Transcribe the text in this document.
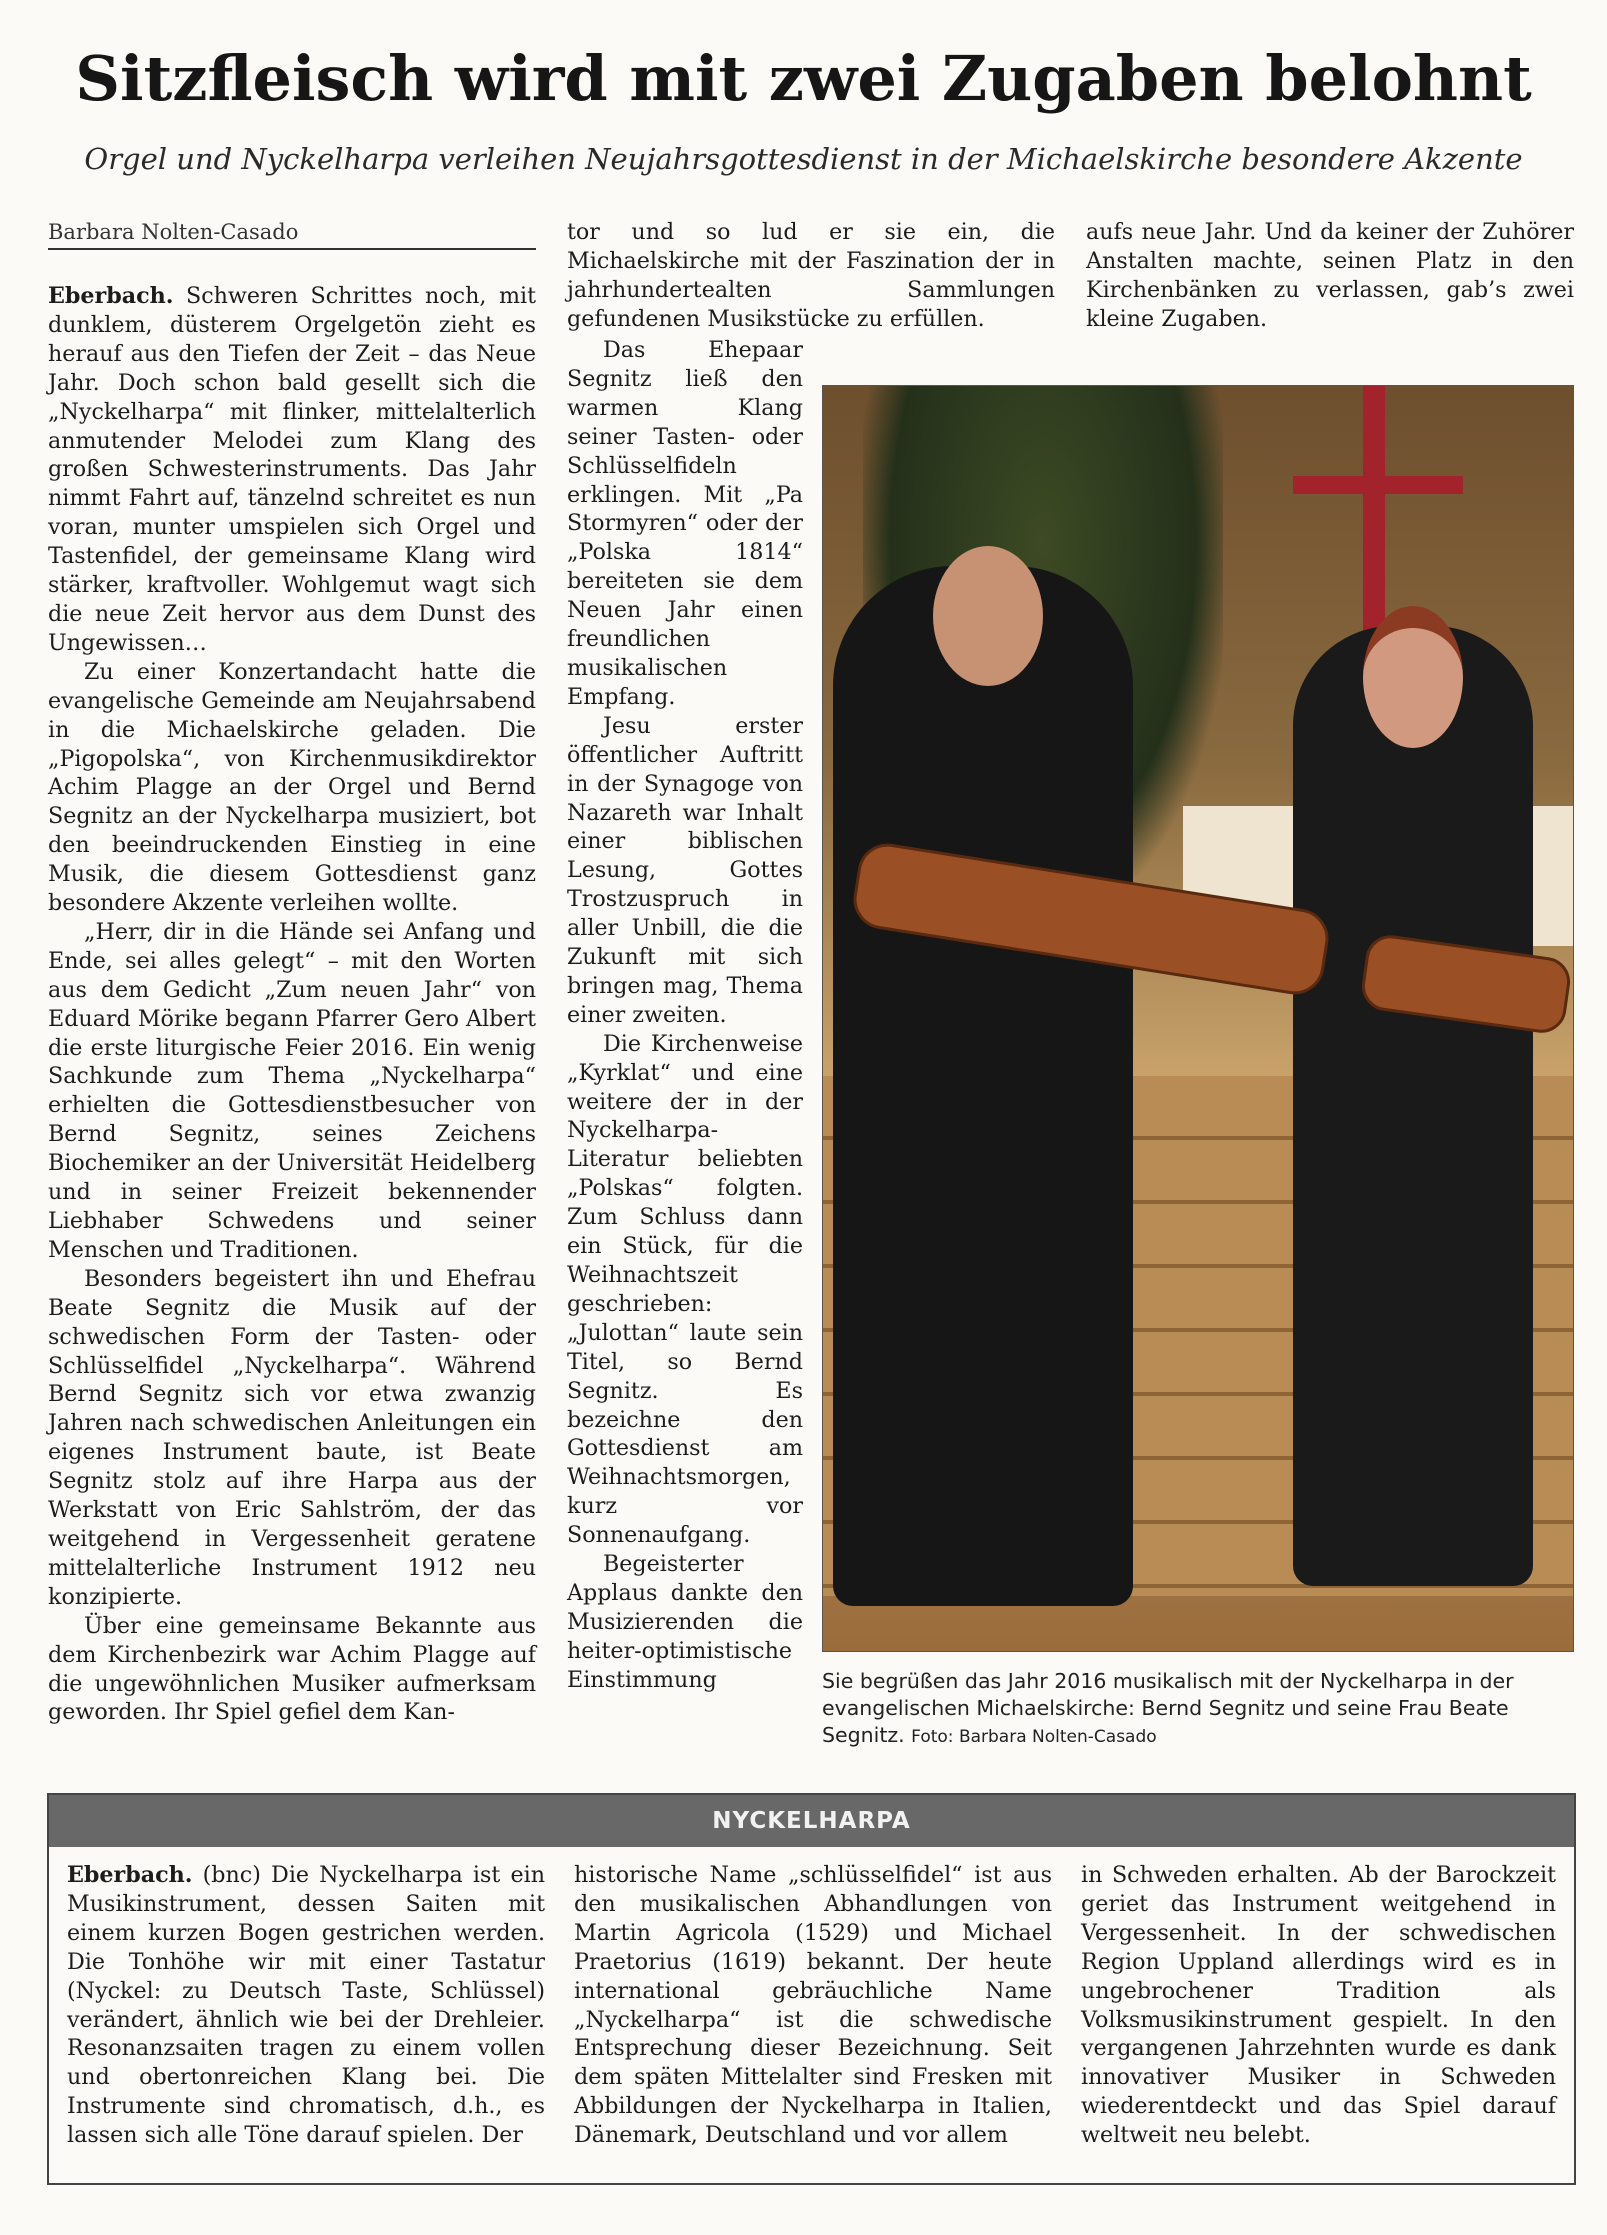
Sitzfleisch wird mit zwei Zugaben belohnt
Orgel und Nyckelharpa verleihen Neujahrsgottesdienst in der Michaelskirche besondere Akzente
Barbara Nolten-Casado

Eberbach. Schweren Schrittes noch, mit dunklem, düsterem Orgelgetön zieht es herauf aus den Tiefen der Zeit – das Neue Jahr. Doch schon bald gesellt sich die „Nyckelharpa“ mit flinker, mittelalterlich anmutender Melodei zum Klang des großen Schwesterinstruments. Das Jahr nimmt Fahrt auf, tänzelnd schreitet es nun voran, munter umspielen sich Orgel und Tastenfidel, der gemeinsame Klang wird stärker, kraftvoller. Wohlgemut wagt sich die neue Zeit hervor aus dem Dunst des Ungewissen…

Zu einer Konzertandacht hatte die evangelische Gemeinde am Neujahrsabend in die Michaelskirche geladen. Die „Pigopolska“, von Kirchenmusikdirektor Achim Plagge an der Orgel und Bernd Segnitz an der Nyckelharpa musiziert, bot den beeindruckenden Einstieg in eine Musik, die diesem Gottesdienst ganz besondere Akzente verleihen wollte.

„Herr, dir in die Hände sei Anfang und Ende, sei alles gelegt“ – mit den Worten aus dem Gedicht „Zum neuen Jahr“ von Eduard Mörike begann Pfarrer Gero Albert die erste liturgische Feier 2016. Ein wenig Sachkunde zum Thema „Nyckelharpa“ erhielten die Gottesdienstbesucher von Bernd Segnitz, seines Zeichens Biochemiker an der Universität Heidelberg und in seiner Freizeit bekennender Liebhaber Schwedens und seiner Menschen und Traditionen.

Besonders begeistert ihn und Ehefrau Beate Segnitz die Musik auf der schwedischen Form der Tasten- oder Schlüsselfidel „Nyckelharpa“. Während Bernd Segnitz sich vor etwa zwanzig Jahren nach schwedischen Anleitungen ein eigenes Instrument baute, ist Beate Segnitz stolz auf ihre Harpa aus der Werkstatt von Eric Sahlström, der das weitgehend in Vergessenheit geratene mittelalterliche Instrument 1912 neu konzipierte.

Über eine gemeinsame Bekannte aus dem Kirchenbezirk war Achim Plagge auf die ungewöhnlichen Musiker aufmerksam geworden. Ihr Spiel gefiel dem Kan-

tor und so lud er sie ein, die Michaelskirche mit der Faszination der in jahrhundertealten Sammlungen gefundenen Musikstücke zu erfüllen.

Das Ehepaar Segnitz ließ den warmen Klang seiner Tasten- oder Schlüsselfideln erklingen. Mit „Pa Stormyren“ oder der „Polska 1814“ bereiteten sie dem Neuen Jahr einen freundlichen musikalischen Empfang.

Jesu erster öffentlicher Auftritt in der Synagoge von Nazareth war Inhalt einer biblischen Lesung, Gottes Trostzuspruch in aller Unbill, die die Zukunft mit sich bringen mag, Thema einer zweiten.

Die Kirchenweise „Kyrklat“ und eine weitere der in der Nyckelharpa-Literatur beliebten „Polskas“ folgten. Zum Schluss dann ein Stück, für die Weihnachtszeit geschrieben: „Julottan“ laute sein Titel, so Bernd Segnitz. Es bezeichne den Gottesdienst am Weihnachtsmorgen, kurz vor Sonnenaufgang.

Begeisterter Applaus dankte den Musizierenden die heiter-optimistische Einstimmung

aufs neue Jahr. Und da keiner der Zuhörer Anstalten machte, seinen Platz in den Kirchenbänken zu verlassen, gab’s zwei kleine Zugaben.

Sie begrüßen das Jahr 2016 musikalisch mit der Nyckelharpa in der evangelischen Michaelskirche: Bernd Segnitz und seine Frau Beate Segnitz. Foto: Barbara Nolten-Casado
NYCKELHARPA

Eberbach. (bnc) Die Nyckelharpa ist ein Musikinstrument, dessen Saiten mit einem kurzen Bogen gestrichen werden. Die Tonhöhe wir mit einer Tastatur (Nyckel: zu Deutsch Taste, Schlüssel) verändert, ähnlich wie bei der Drehleier. Resonanzsaiten tragen zu einem vollen und obertonreichen Klang bei. Die Instrumente sind chromatisch, d.h., es lassen sich alle Töne darauf spielen. Der

historische Name „schlüsselfidel“ ist aus den musikalischen Abhandlungen von Martin Agricola (1529) und Michael Praetorius (1619) bekannt. Der heute international gebräuchliche Name „Nyckelharpa“ ist die schwedische Entsprechung dieser Bezeichnung. Seit dem späten Mittelalter sind Fresken mit Abbildungen der Nyckelharpa in Italien, Dänemark, Deutschland und vor allem

in Schweden erhalten. Ab der Barockzeit geriet das Instrument weitgehend in Vergessenheit. In der schwedischen Region Uppland allerdings wird es in ungebrochener Tradition als Volksmusikinstrument gespielt. In den vergangenen Jahrzehnten wurde es dank innovativer Musiker in Schweden wiederentdeckt und das Spiel darauf weltweit neu belebt.
